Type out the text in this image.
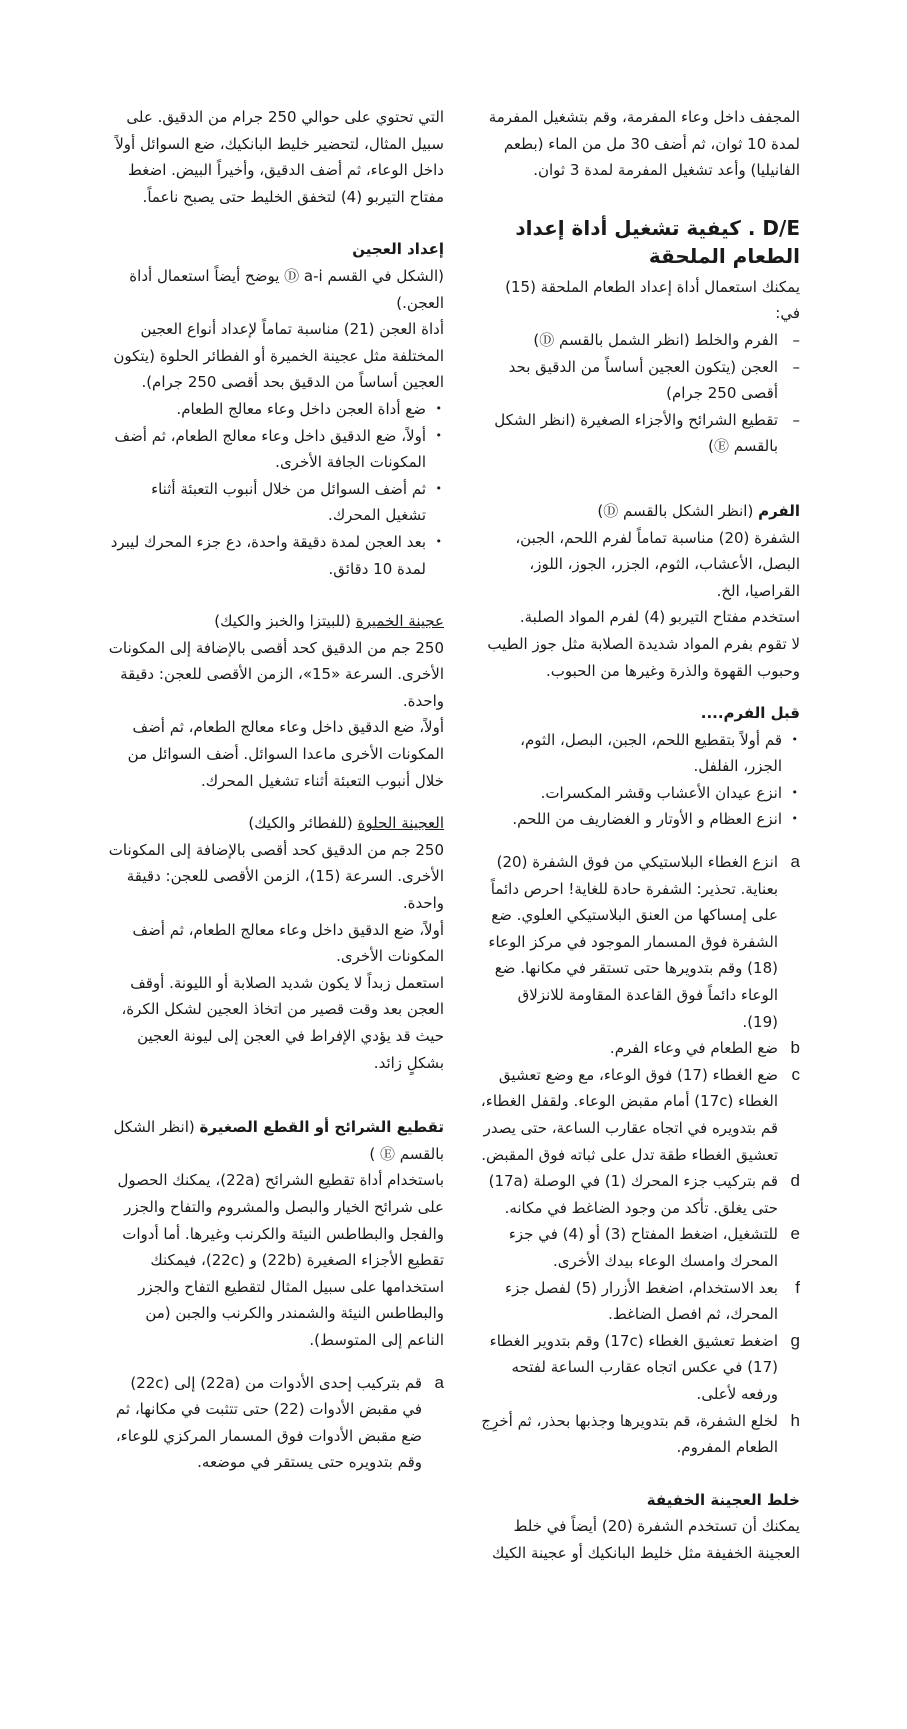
المجفف داخل وعاء المفرمة، وقم بتشغيل المفرمة لمدة 10 ثوان، ثم أضف 30 مل من الماء (بطعم الفانيليا) وأعد تشغيل المفرمة لمدة 3 ثوان.

D/E . كيفية تشغيل أداة إعداد الطعام الملحقة

يمكنك استعمال أداة إعداد الطعام الملحقة (15) في:

– الفرم والخلط (انظر الشمل بالقسم Ⓓ)
– العجن (يتكون العجين أساساً من الدقيق بحد أقصى 250 جرام)
– تقطيع الشرائح والأجزاء الصغيرة (انظر الشكل بالقسم Ⓔ)

الفرم (انظر الشكل بالقسم Ⓓ)

الشفرة (20) مناسبة تماماً لفرم اللحم، الجبن، البصل، الأعشاب، الثوم، الجزر، الجوز، اللوز، القراصيا، الخ.

استخدم مفتاح التيربو (4) لفرم المواد الصلبة.

لا تقوم بفرم المواد شديدة الصلابة مثل جوز الطيب وحبوب القهوة والذرة وغيرها من الحبوب.

قبل الفرم....

• قم أولاً بتقطيع اللحم، الجبن، البصل، الثوم، الجزر، الفلفل.
• انزع عيدان الأعشاب وقشر المكسرات.
• انزع العظام و الأوتار و الغضاريف من اللحم.
a
انزع الغطاء البلاستيكي من فوق الشفرة (20) بعناية. تحذير: الشفرة حادة للغاية! احرص دائماً على إمساكها من العنق البلاستيكي العلوي. ضع الشفرة فوق المسمار الموجود في مركز الوعاء (18) وقم بتدويرها حتى تستقر في مكانها. ضع الوعاء دائماً فوق القاعدة المقاومة للانزلاق (19).
b
ضع الطعام في وعاء الفرم.
c
ضع الغطاء (17) فوق الوعاء، مع وضع تعشيق الغطاء (17c) أمام مقبض الوعاء. ولقفل الغطاء، قم بتدويره في اتجاه عقارب الساعة، حتى يصدر تعشيق الغطاء طقة تدل على ثباته فوق المقبض.
d
قم بتركيب جزء المحرك (1) في الوصلة (17a) حتى يغلق. تأكد من وجود الضاغط في مكانه.
e
للتشغيل، اضغط المفتاح (3) أو (4) في جزء المحرك وامسك الوعاء بيدك الأخرى.
f
بعد الاستخدام، اضغط الأزرار (5) لفصل جزء المحرك، ثم افصل الضاغط.
g
اضغط تعشيق الغطاء (17c) وقم بتدوير الغطاء (17) في عكس اتجاه عقارب الساعة لفتحه ورفعه لأعلى.
h
لخلع الشفرة، قم بتدويرها وجذبها بحذر، ثم أخرِج الطعام المفروم.

خلط العجينة الخفيفة

يمكنك أن تستخدم الشفرة (20) أيضاً في خلط العجينة الخفيفة مثل خليط البانكيك أو عجينة الكيك

التي تحتوي على حوالي 250 جرام من الدقيق. على سبيل المثال، لتحضير خليط البانكيك، ضع السوائل أولاً داخل الوعاء، ثم أضف الدقيق، وأخيراً البيض. اضغط مفتاح التيربو (4) لتخفق الخليط حتى يصبح ناعماً.

إعداد العجين

(الشكل في القسم Ⓓ a-i يوضح أيضاً استعمال أداة العجن.)

أداة العجن (21) مناسبة تماماً لإعداد أنواع العجين المختلفة مثل عجينة الخميرة أو الفطائر الحلوة (يتكون العجين أساساً من الدقيق بحد أقصى 250 جرام).

• ضع أداة العجن داخل وعاء معالج الطعام.
• أولاً، ضع الدقيق داخل وعاء معالج الطعام، ثم أضف المكونات الجافة الأخرى.
• ثم أضف السوائل من خلال أنبوب التعبئة أثناء تشغيل المحرك.
• بعد العجن لمدة دقيقة واحدة، دع جزء المحرك ليبرد لمدة 10 دقائق.

عجينة الخميرة (للبيتزا والخبز والكيك)

250 جم من الدقيق كحد أقصى بالإضافة إلى المكونات الأخرى. السرعة «15»، الزمن الأقصى للعجن: دقيقة واحدة.

أولاً، ضع الدقيق داخل وعاء معالج الطعام، ثم أضف المكونات الأخرى ماعدا السوائل. أضف السوائل من خلال أنبوب التعبئة أثناء تشغيل المحرك.

العجينة الحلوة (للفطائر والكيك)

250 جم من الدقيق كحد أقصى بالإضافة إلى المكونات الأخرى. السرعة (15)، الزمن الأقصى للعجن: دقيقة واحدة.

أولاً، ضع الدقيق داخل وعاء معالج الطعام، ثم أضف المكونات الأخرى.

استعمل زبداً لا يكون شديد الصلابة أو الليونة. أوقف العجن بعد وقت قصير من اتخاذ العجين لشكل الكرة، حيث قد يؤدي الإفراط في العجن إلى ليونة العجين بشكلٍ زائد.

تقطيع الشرائح أو القطع الصغيرة (انظر الشكل بالقسم Ⓔ )

باستخدام أداة تقطيع الشرائح (22a)، يمكنك الحصول على شرائح الخيار والبصل والمشروم والتفاح والجزر والفجل والبطاطس النيئة والكرنب وغيرها. أما أدوات تقطيع الأجزاء الصغيرة (22b) و (22c)، فيمكنك استخدامها على سبيل المثال لتقطيع التفاح والجزر والبطاطس النيئة والشمندر والكرنب والجبن (من الناعم إلى المتوسط).

a
قم بتركيب إحدى الأدوات من (22a) إلى (22c) في مقبض الأدوات (22) حتى تتثبت في مكانها، ثم ضع مقبض الأدوات فوق المسمار المركزي للوعاء، وقم بتدويره حتى يستقر في موضعه.
